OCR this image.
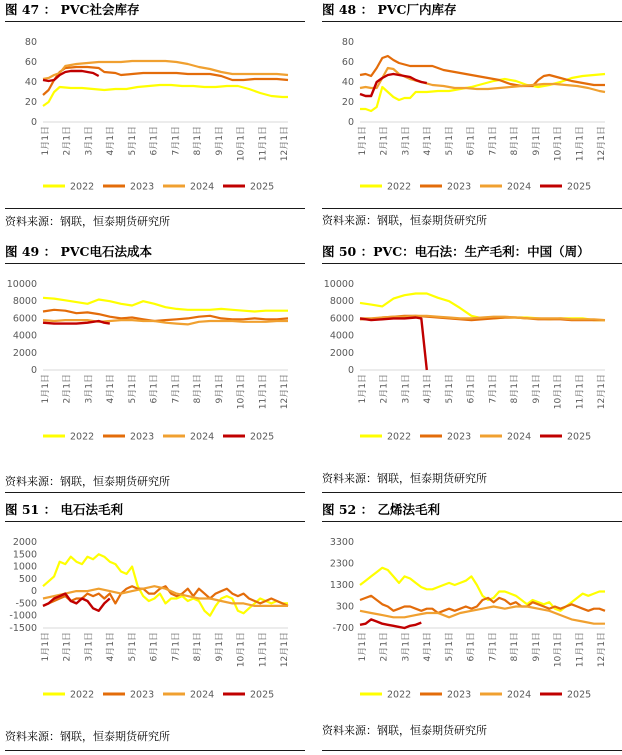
图 47 ： PVC社会库存
0
20
40
60
80
1月1日 2月1日 3月1日 4月1日 5月1日 6月1日 7月1日 8月1日 9月1日 10月1日 11月1日 12月1日
2022	2023	2024	2025
资料来源：钢联，恒泰期货研究所
图 48 ： PVC厂内库存
0
20
40
60
80
1月1日 2月1日 3月1日 4月1日 5月1日 6月1日 7月1日 8月1日 9月1日 10月1日 11月1日 12月1日
2022	2023	2024	2025
资料来源：钢联，恒泰期货研究所
图 49 ： PVC电石法成本
0
2000
4000
6000
8000
10000
1月1日 2月1日 3月1日 4月1日 5月1日 6月1日 7月1日 8月1日 9月1日 10月1日 11月1日 12月1日
2022	2023	2024	2025
资料来源：钢联，恒泰期货研究所
图 50 ：PVC：电石法：生产毛利：中国（周）
0
2000
4000
6000
8000
10000
1月1日 2月1日 3月1日 4月1日 5月1日 6月1日 7月1日 8月1日 9月1日 10月1日 11月1日 12月1日
2022	2023	2024	2025
资料来源：钢联，恒泰期货研究所
图 51 ： 电石法毛利
-1500
-1000
-500
0
500
1000
1500
2000
1月1日 2月1日 3月1日 4月1日 5月1日 6月1日 7月1日 8月1日 9月1日 10月1日 11月1日 12月1日
2022	2023	2024	2025
资料来源：钢联，恒泰期货研究所
图 52 ： 乙烯法毛利
-700
300
1300
2300
3300
1月1日 2月1日 3月1日 4月1日 5月1日 6月1日 7月1日 8月1日 9月1日 10月1日 11月1日 12月1日
2022	2023	2024	2025
资料来源：钢联，恒泰期货研究所
